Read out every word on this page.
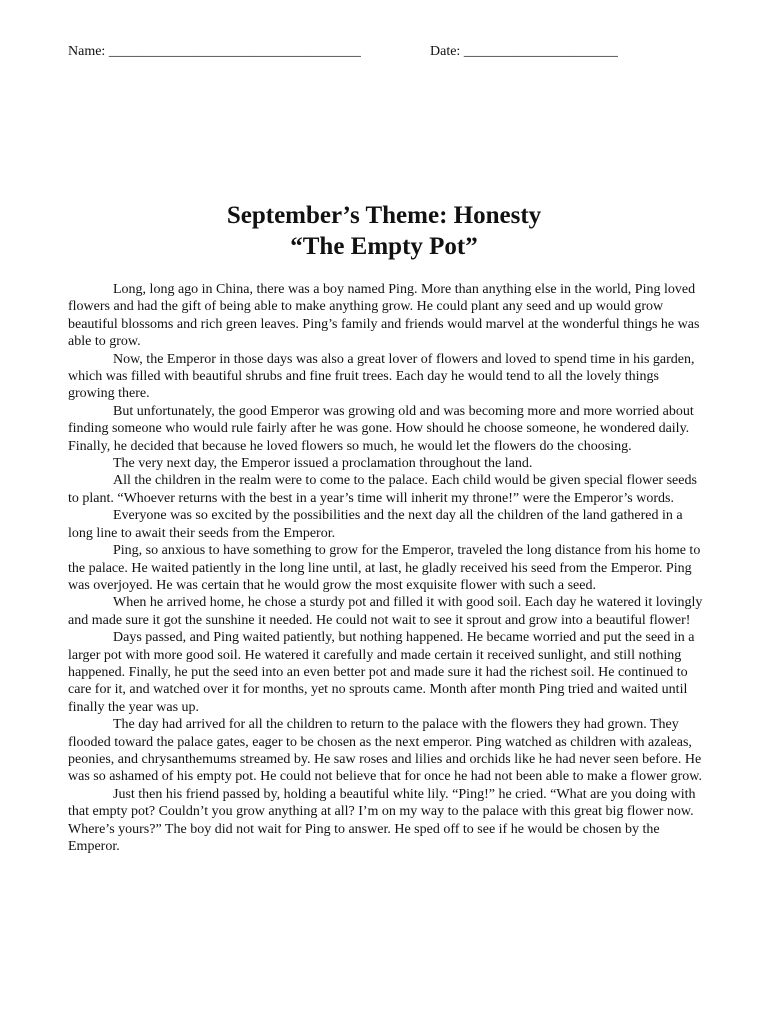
Name: ____________________________________	Date: ______________________
September’s Theme: Honesty
“The Empty Pot”

Long, long ago in China, there was a boy named Ping. More than anything else in the world, Ping loved flowers and had the gift of being able to make anything grow. He could plant any seed and up would grow beautiful blossoms and rich green leaves. Ping’s family and friends would marvel at the wonderful things he was able to grow.

Now, the Emperor in those days was also a great lover of flowers and loved to spend time in his garden, which was filled with beautiful shrubs and fine fruit trees. Each day he would tend to all the lovely things growing there.

But unfortunately, the good Emperor was growing old and was becoming more and more worried about finding someone who would rule fairly after he was gone. How should he choose someone, he wondered daily. Finally, he decided that because he loved flowers so much, he would let the flowers do the choosing.

The very next day, the Emperor issued a proclamation throughout the land.

All the children in the realm were to come to the palace. Each child would be given special flower seeds to plant. “Whoever returns with the best in a year’s time will inherit my throne!” were the Emperor’s words.

Everyone was so excited by the possibilities and the next day all the children of the land gathered in a long line to await their seeds from the Emperor.

Ping, so anxious to have something to grow for the Emperor, traveled the long distance from his home to the palace. He waited patiently in the long line until, at last, he gladly received his seed from the Emperor. Ping was overjoyed. He was certain that he would grow the most exquisite flower with such a seed.

When he arrived home, he chose a sturdy pot and filled it with good soil. Each day he watered it lovingly and made sure it got the sunshine it needed. He could not wait to see it sprout and grow into a beautiful flower!

Days passed, and Ping waited patiently, but nothing happened. He became worried and put the seed in a larger pot with more good soil. He watered it carefully and made certain it received sunlight, and still nothing happened. Finally, he put the seed into an even better pot and made sure it had the richest soil. He continued to care for it, and watched over it for months, yet no sprouts came. Month after month Ping tried and waited until finally the year was up.

The day had arrived for all the children to return to the palace with the flowers they had grown. They flooded toward the palace gates, eager to be chosen as the next emperor. Ping watched as children with azaleas, peonies, and chrysanthemums streamed by. He saw roses and lilies and orchids like he had never seen before. He was so ashamed of his empty pot. He could not believe that for once he had not been able to make a flower grow.

Just then his friend passed by, holding a beautiful white lily. “Ping!” he cried. “What are you doing with that empty pot? Couldn’t you grow anything at all? I’m on my way to the palace with this great big flower now. Where’s yours?” The boy did not wait for Ping to answer. He sped off to see if he would be chosen by the Emperor.
